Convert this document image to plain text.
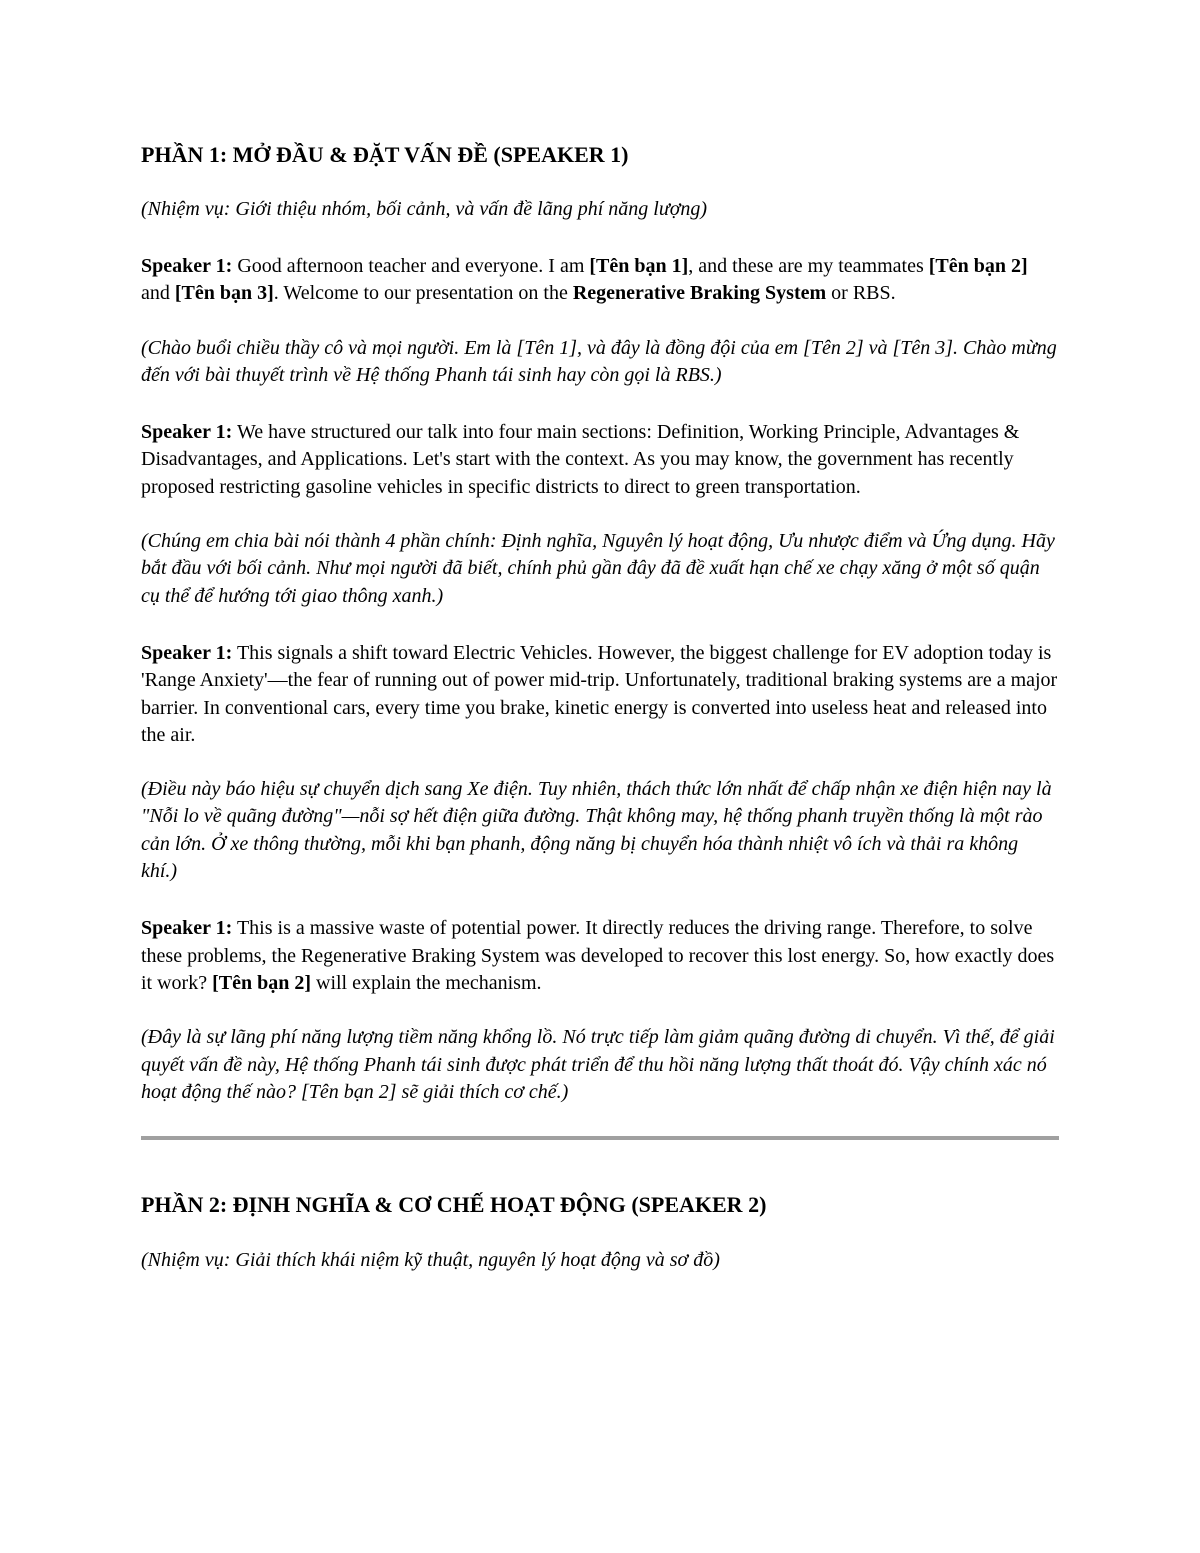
PHẦN 1: MỞ ĐẦU & ĐẶT VẤN ĐỀ (SPEAKER 1)

(Nhiệm vụ: Giới thiệu nhóm, bối cảnh, và vấn đề lãng phí năng lượng)

Speaker 1: Good afternoon teacher and everyone. I am [Tên bạn 1], and these are my teammates [Tên bạn 2] and [Tên bạn 3]. Welcome to our presentation on the Regenerative Braking System or RBS.

(Chào buổi chiều thầy cô và mọi người. Em là [Tên 1], và đây là đồng đội của em [Tên 2] và [Tên 3]. Chào mừng đến với bài thuyết trình về Hệ thống Phanh tái sinh hay còn gọi là RBS.)

Speaker 1: We have structured our talk into four main sections: Definition, Working Principle, Advantages & Disadvantages, and Applications. Let's start with the context. As you may know, the government has recently proposed restricting gasoline vehicles in specific districts to direct to green transportation.

(Chúng em chia bài nói thành 4 phần chính: Định nghĩa, Nguyên lý hoạt động, Ưu nhược điểm và Ứng dụng. Hãy bắt đầu với bối cảnh. Như mọi người đã biết, chính phủ gần đây đã đề xuất hạn chế xe chạy xăng ở một số quận cụ thể để hướng tới giao thông xanh.)

Speaker 1: This signals a shift toward Electric Vehicles. However, the biggest challenge for EV adoption today is 'Range Anxiety'—the fear of running out of power mid-trip. Unfortunately, traditional braking systems are a major barrier. In conventional cars, every time you brake, kinetic energy is converted into useless heat and released into the air.

(Điều này báo hiệu sự chuyển dịch sang Xe điện. Tuy nhiên, thách thức lớn nhất để chấp nhận xe điện hiện nay là "Nỗi lo về quãng đường"—nỗi sợ hết điện giữa đường. Thật không may, hệ thống phanh truyền thống là một rào cản lớn. Ở xe thông thường, mỗi khi bạn phanh, động năng bị chuyển hóa thành nhiệt vô ích và thải ra không khí.)

Speaker 1: This is a massive waste of potential power. It directly reduces the driving range. Therefore, to solve these problems, the Regenerative Braking System was developed to recover this lost energy. So, how exactly does it work? [Tên bạn 2] will explain the mechanism.

(Đây là sự lãng phí năng lượng tiềm năng khổng lồ. Nó trực tiếp làm giảm quãng đường di chuyển. Vì thế, để giải quyết vấn đề này, Hệ thống Phanh tái sinh được phát triển để thu hồi năng lượng thất thoát đó. Vậy chính xác nó hoạt động thế nào? [Tên bạn 2] sẽ giải thích cơ chế.)

PHẦN 2: ĐỊNH NGHĨA & CƠ CHẾ HOẠT ĐỘNG (SPEAKER 2)

(Nhiệm vụ: Giải thích khái niệm kỹ thuật, nguyên lý hoạt động và sơ đồ)
